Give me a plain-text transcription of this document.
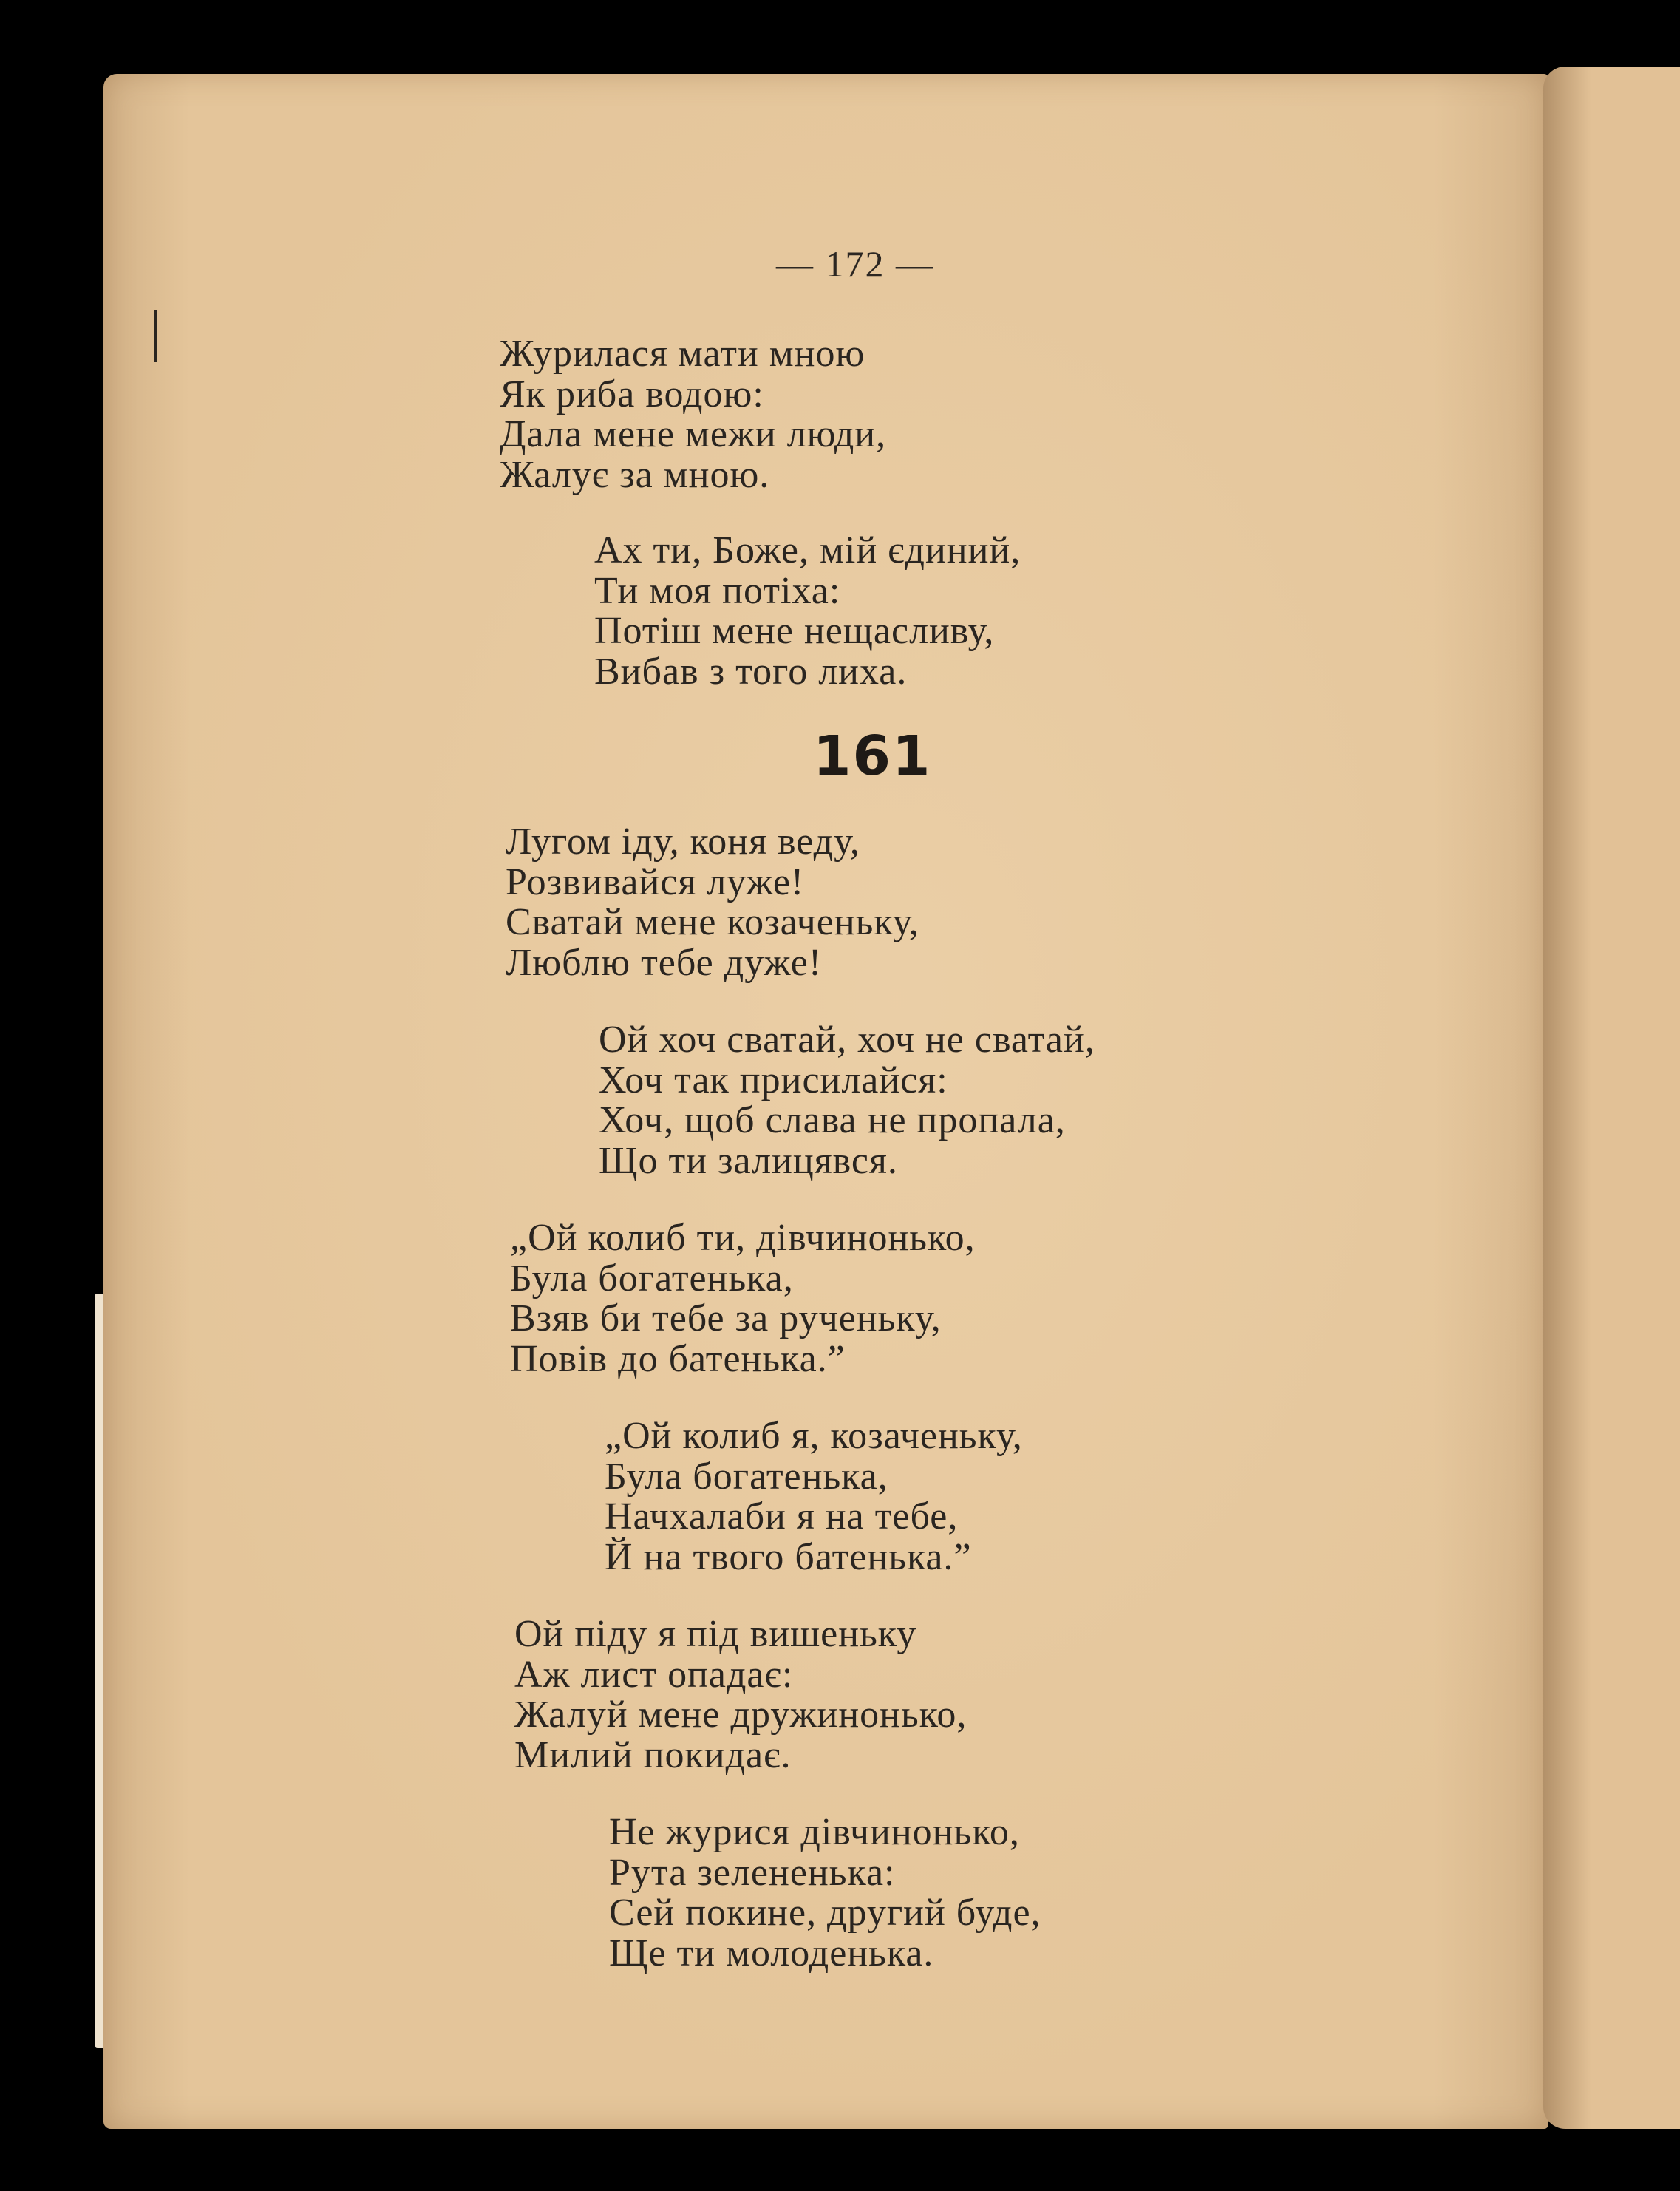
— 172 —
Журилася мати мною
Як риба водою:
Дала мене межи люди,
Жалує за мною.
Ах ти, Боже, мій єдиний,
Ти моя потіха:
Потіш мене нещасливу,
Вибав з того лиха.
161
Лугом іду, коня веду,
Розвивайся луже!
Сватай мене козаченьку,
Люблю тебе дуже!
Ой хоч сватай, хоч не сватай,
Хоч так присилайся:
Хоч, щоб слава не пропала,
Що ти залицявся.
„Ой колиб ти, дівчинонько,
Була богатенька,
Взяв би тебе за рученьку,
Повів до батенька.”
„Ой колиб я, козаченьку,
Була богатенька,
Начхалаби я на тебе,
Й на твого батенька.”
Ой піду я під вишеньку
Аж лист опадає:
Жалуй мене дружинонько,
Милий покидає.
Не журися дівчинонько,
Рута зелененька:
Сей покине, другий буде,
Ще ти молоденька.
